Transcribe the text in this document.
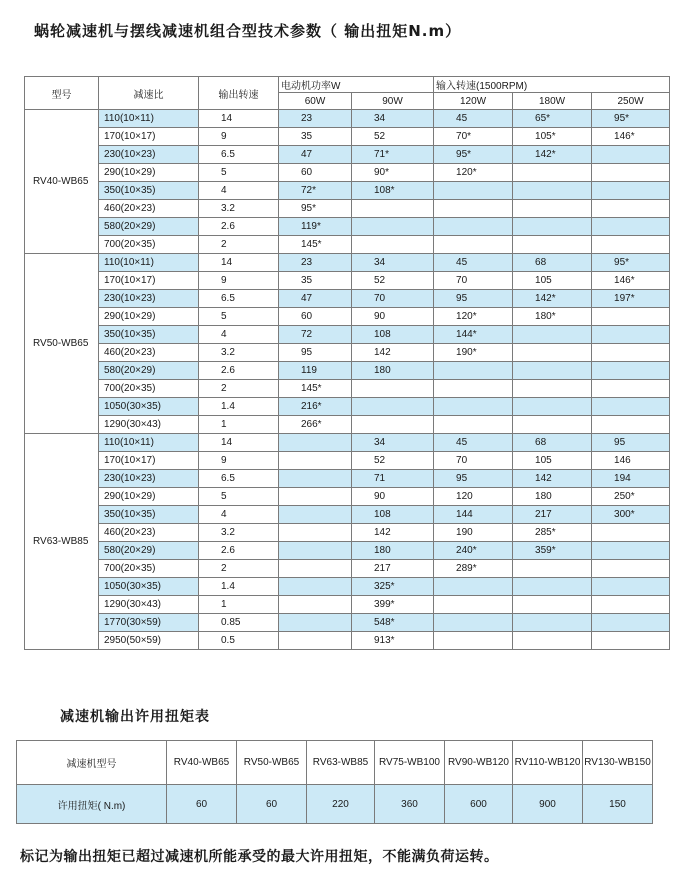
蜗轮减速机与摆线减速机组合型技术参数（ 输出扭矩N.m）
型号	减速比	输出转速	电动机功率W		输入转速(1500RPM)		
			60W	90W	120W	180W	250W
RV40-WB65	110(10×11)	14	23	34	45	65*	95*
	170(10×17)	9	35	52	70*	105*	146*
	230(10×23)	6.5	47	71*	95*	142*	
	290(10×29)	5	60	90*	120*		
	350(10×35)	4	72*	108*			
	460(20×23)	3.2	95*				
	580(20×29)	2.6	119*				
	700(20×35)	2	145*				
RV50-WB65	110(10×11)	14	23	34	45	68	95*
	170(10×17)	9	35	52	70	105	146*
	230(10×23)	6.5	47	70	95	142*	197*
	290(10×29)	5	60	90	120*	180*	
	350(10×35)	4	72	108	144*		
	460(20×23)	3.2	95	142	190*		
	580(20×29)	2.6	119	180			
	700(20×35)	2	145*				
	1050(30×35)	1.4	216*				
	1290(30×43)	1	266*				
RV63-WB85	110(10×11)	14		34	45	68	95
	170(10×17)	9		52	70	105	146
	230(10×23)	6.5		71	95	142	194
	290(10×29)	5		90	120	180	250*
	350(10×35)	4		108	144	217	300*
	460(20×23)	3.2		142	190	285*	
	580(20×29)	2.6		180	240*	359*	
	700(20×35)	2		217	289*		
	1050(30×35)	1.4		325*			
	1290(30×43)	1		399*			
	1770(30×59)	0.85		548*			
	2950(50×59)	0.5		913*			
减速机输出许用扭矩表
减速机型号	RV40-WB65	RV50-WB65	RV63-WB85	RV75-WB100	RV90-WB120	RV110-WB120	RV130-WB150
许用扭矩( N.m)	60	60	220	360	600	900	150
标记为输出扭矩已超过减速机所能承受的最大许用扭矩，不能满负荷运转。
